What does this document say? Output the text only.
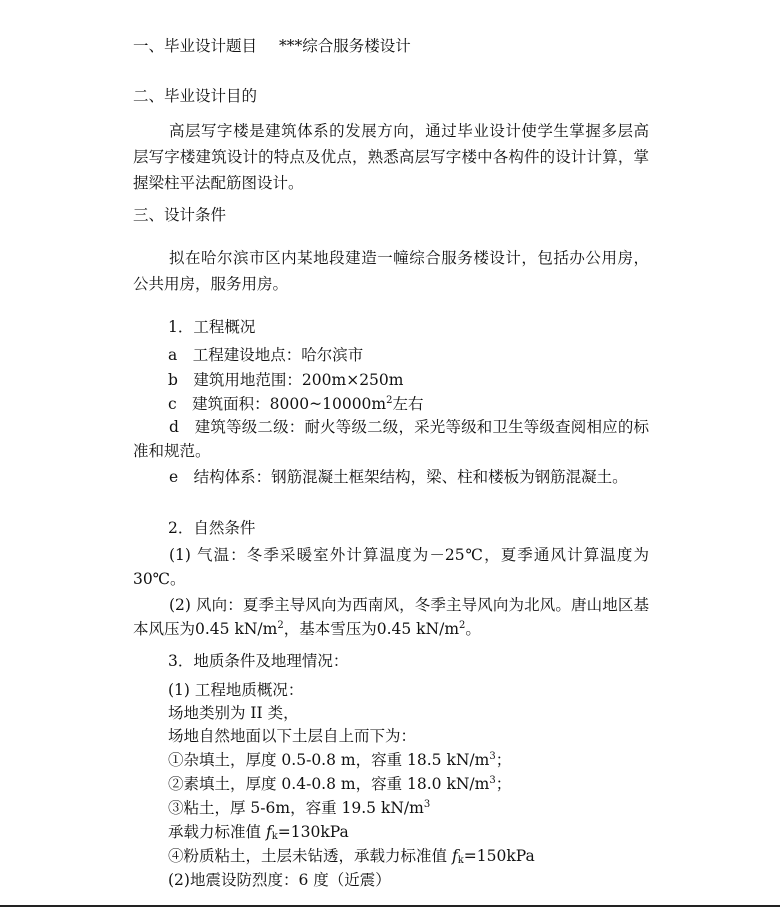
一、毕业设计题目 ***综合服务楼设计
二、毕业设计目的
高层写字楼是建筑体系的发展方向，通过毕业设计使学生掌握多层高层写字楼建筑设计的特点及优点，熟悉高层写字楼中各构件的设计计算，掌握梁柱平法配筋图设计。
三、设计条件
拟在哈尔滨市区内某地段建造一幢综合服务楼设计，包括办公用房，公共用房，服务用房。
1．工程概况
a　工程建设地点：哈尔滨市
b　建筑用地范围：200m×250m
c　建筑面积：$8000\sim 10000m^2$左右
d　建筑等级二级：耐火等级二级，采光等级和卫生等级查阅相应的标准和规范。
e　结构体系：钢筋混凝土框架结构，梁、柱和楼板为钢筋混凝土。
2．自然条件
(1) 气温：冬季采暖室外计算温度为－25℃，夏季通风计算温度为30℃。
(2) 风向：夏季主导风向为西南风，冬季主导风向为北风。唐山地区基本风压为0.45 $kN/m^2$，基本雪压为0.45 $kN/m^2$。
3．地质条件及地理情况：
(1) 工程地质概况：
场地类别为 II 类，
场地自然地面以下土层自上而下为：
①杂填土，厚度 0.5-0.8 m，容重 18.5 $kN/m^3$；
②素填土，厚度 0.4-0.8 m，容重 18.0 $kN/m^3$；
③粘土，厚 5-6m，容重 19.5 $kN/m^3$
承载力标准值 $f_k=130kPa$
④粉质粘土，土层未钻透，承载力标准值 $f_k=150kPa$
(2)地震设防烈度：6 度（近震）
